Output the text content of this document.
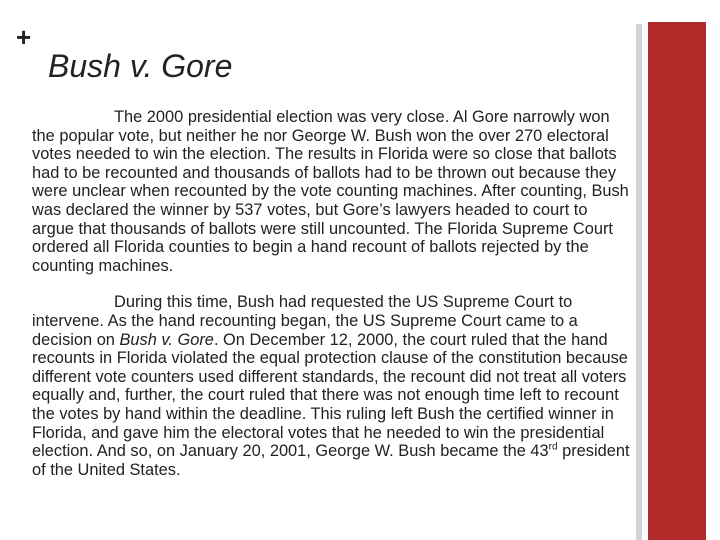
+
Bush v. Gore

The 2000 presidential election was very close. Al Gore narrowly won the popular vote, but neither he nor George W. Bush won the over 270 electoral votes needed to win the election. The results in Florida were so close that ballots had to be recounted and thousands of ballots had to be thrown out because they were unclear when recounted by the vote counting machines. After counting, Bush was declared the winner by 537 votes, but Gore’s lawyers headed to court to argue that thousands of ballots were still uncounted. The Florida Supreme Court ordered all Florida counties to begin a hand recount of ballots rejected by the counting machines.

During this time, Bush had requested the US Supreme Court to intervene. As the hand recounting began, the US Supreme Court came to a decision on Bush v. Gore. On December 12, 2000, the court ruled that the hand recounts in Florida violated the equal protection clause of the constitution because different vote counters used different standards, the recount did not treat all voters equally and, further, the court ruled that there was not enough time left to recount the votes by hand within the deadline. This ruling left Bush the certified winner in Florida, and gave him the electoral votes that he needed to win the presidential election. And so, on January 20, 2001, George W. Bush became the 43rd president of the United States.
